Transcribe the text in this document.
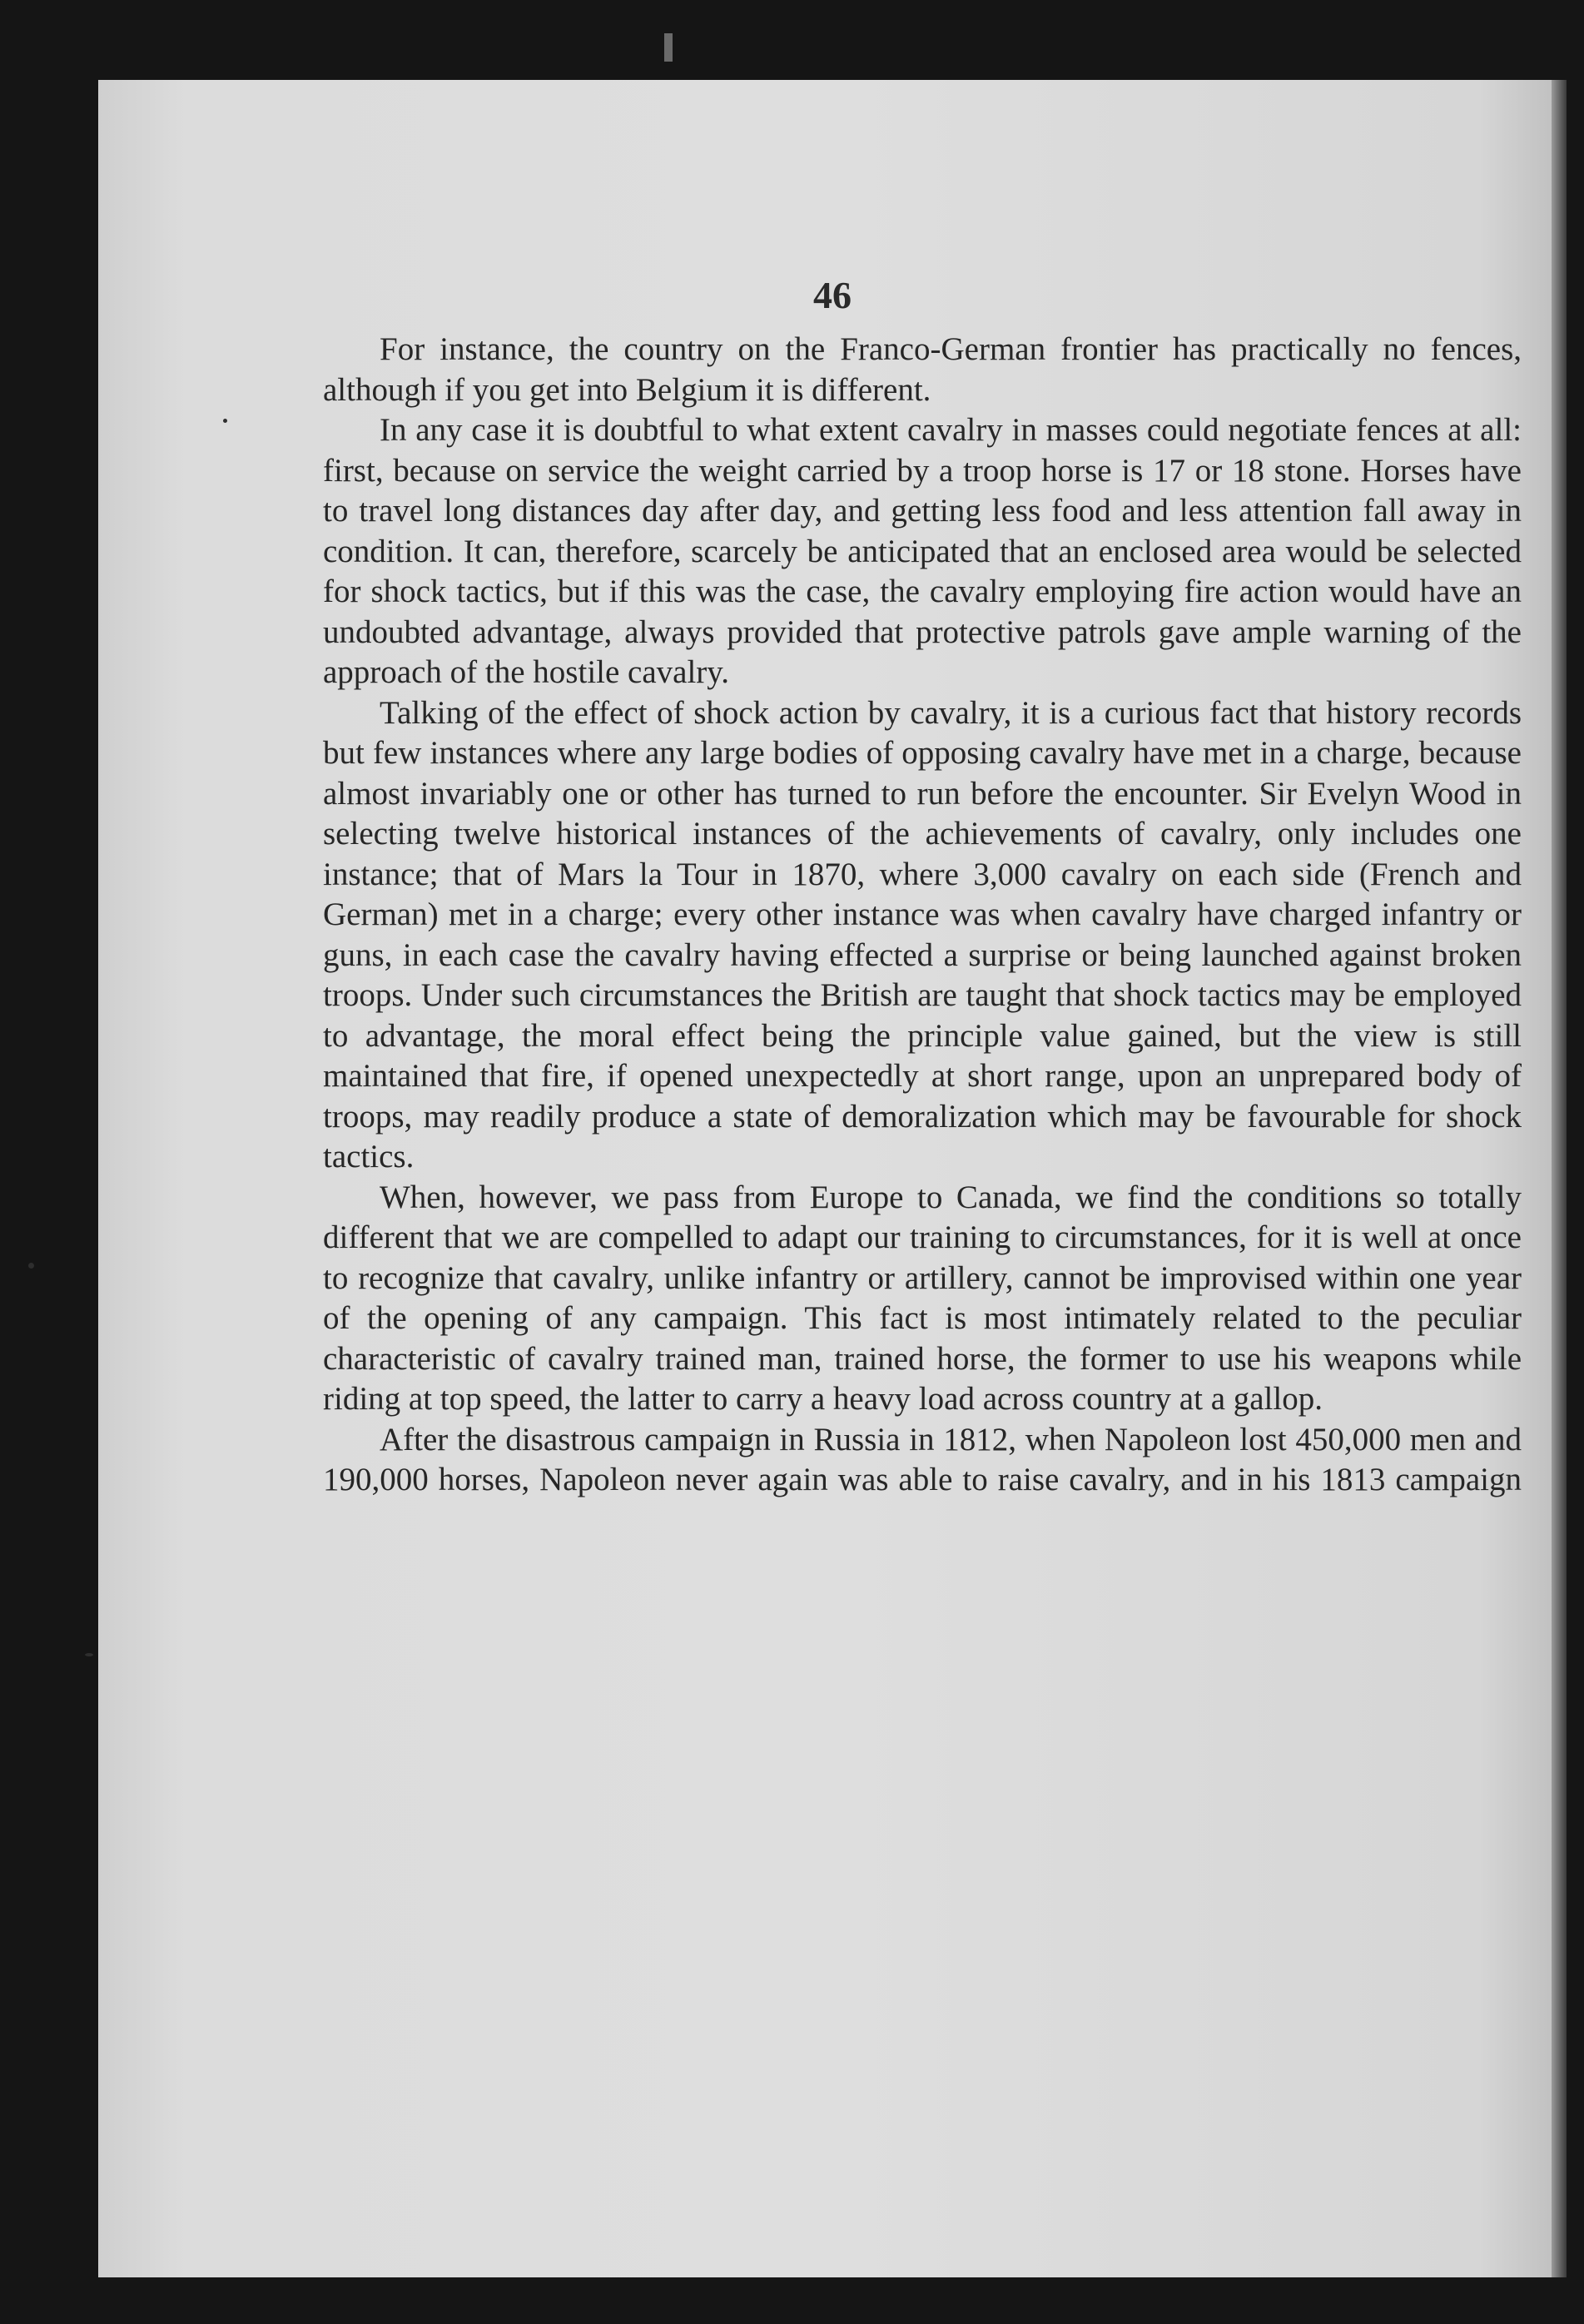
46

For instance, the country on the Franco-German frontier has practically no fences, although if you get into Belgium it is different.

In any case it is doubtful to what extent cavalry in masses could negotiate fences at all: first, because on service the weight carried by a troop horse is 17 or 18 stone. Horses have to travel long distances day after day, and getting less food and less attention fall away in condition. It can, therefore, scarcely be anticipated that an enclosed area would be selected for shock tactics, but if this was the case, the cavalry employing fire action would have an undoubted advantage, always provided that protective patrols gave ample warning of the approach of the hostile cavalry.

Talking of the effect of shock action by cavalry, it is a curious fact that history records but few instances where any large bodies of opposing cavalry have met in a charge, because almost invariably one or other has turned to run before the encounter. Sir Evelyn Wood in selecting twelve historical instances of the achievements of cavalry, only includes one instance; that of Mars la Tour in 1870, where 3,000 cavalry on each side (French and German) met in a charge; every other instance was when cavalry have charged infantry or guns, in each case the cavalry having effected a surprise or being launched against broken troops. Under such circumstances the British are taught that shock tactics may be employed to advantage, the moral effect being the principle value gained, but the view is still maintained that fire, if opened unexpectedly at short range, upon an unprepared body of troops, may readily produce a state of demoralization which may be favourable for shock tactics.

When, however, we pass from Europe to Canada, we find the conditions so totally different that we are compelled to adapt our training to circumstances, for it is well at once to recognize that cavalry, unlike infantry or artillery, cannot be improvised within one year of the opening of any campaign. This fact is most intimately related to the peculiar characteristic of cavalry trained man, trained horse, the former to use his weapons while riding at top speed, the latter to carry a heavy load across country at a gallop.

After the disastrous campaign in Russia in 1812, when Napoleon lost 450,000 men and 190,000 horses, Napoleon never again was able to raise cavalry, and in his 1813 campaign
